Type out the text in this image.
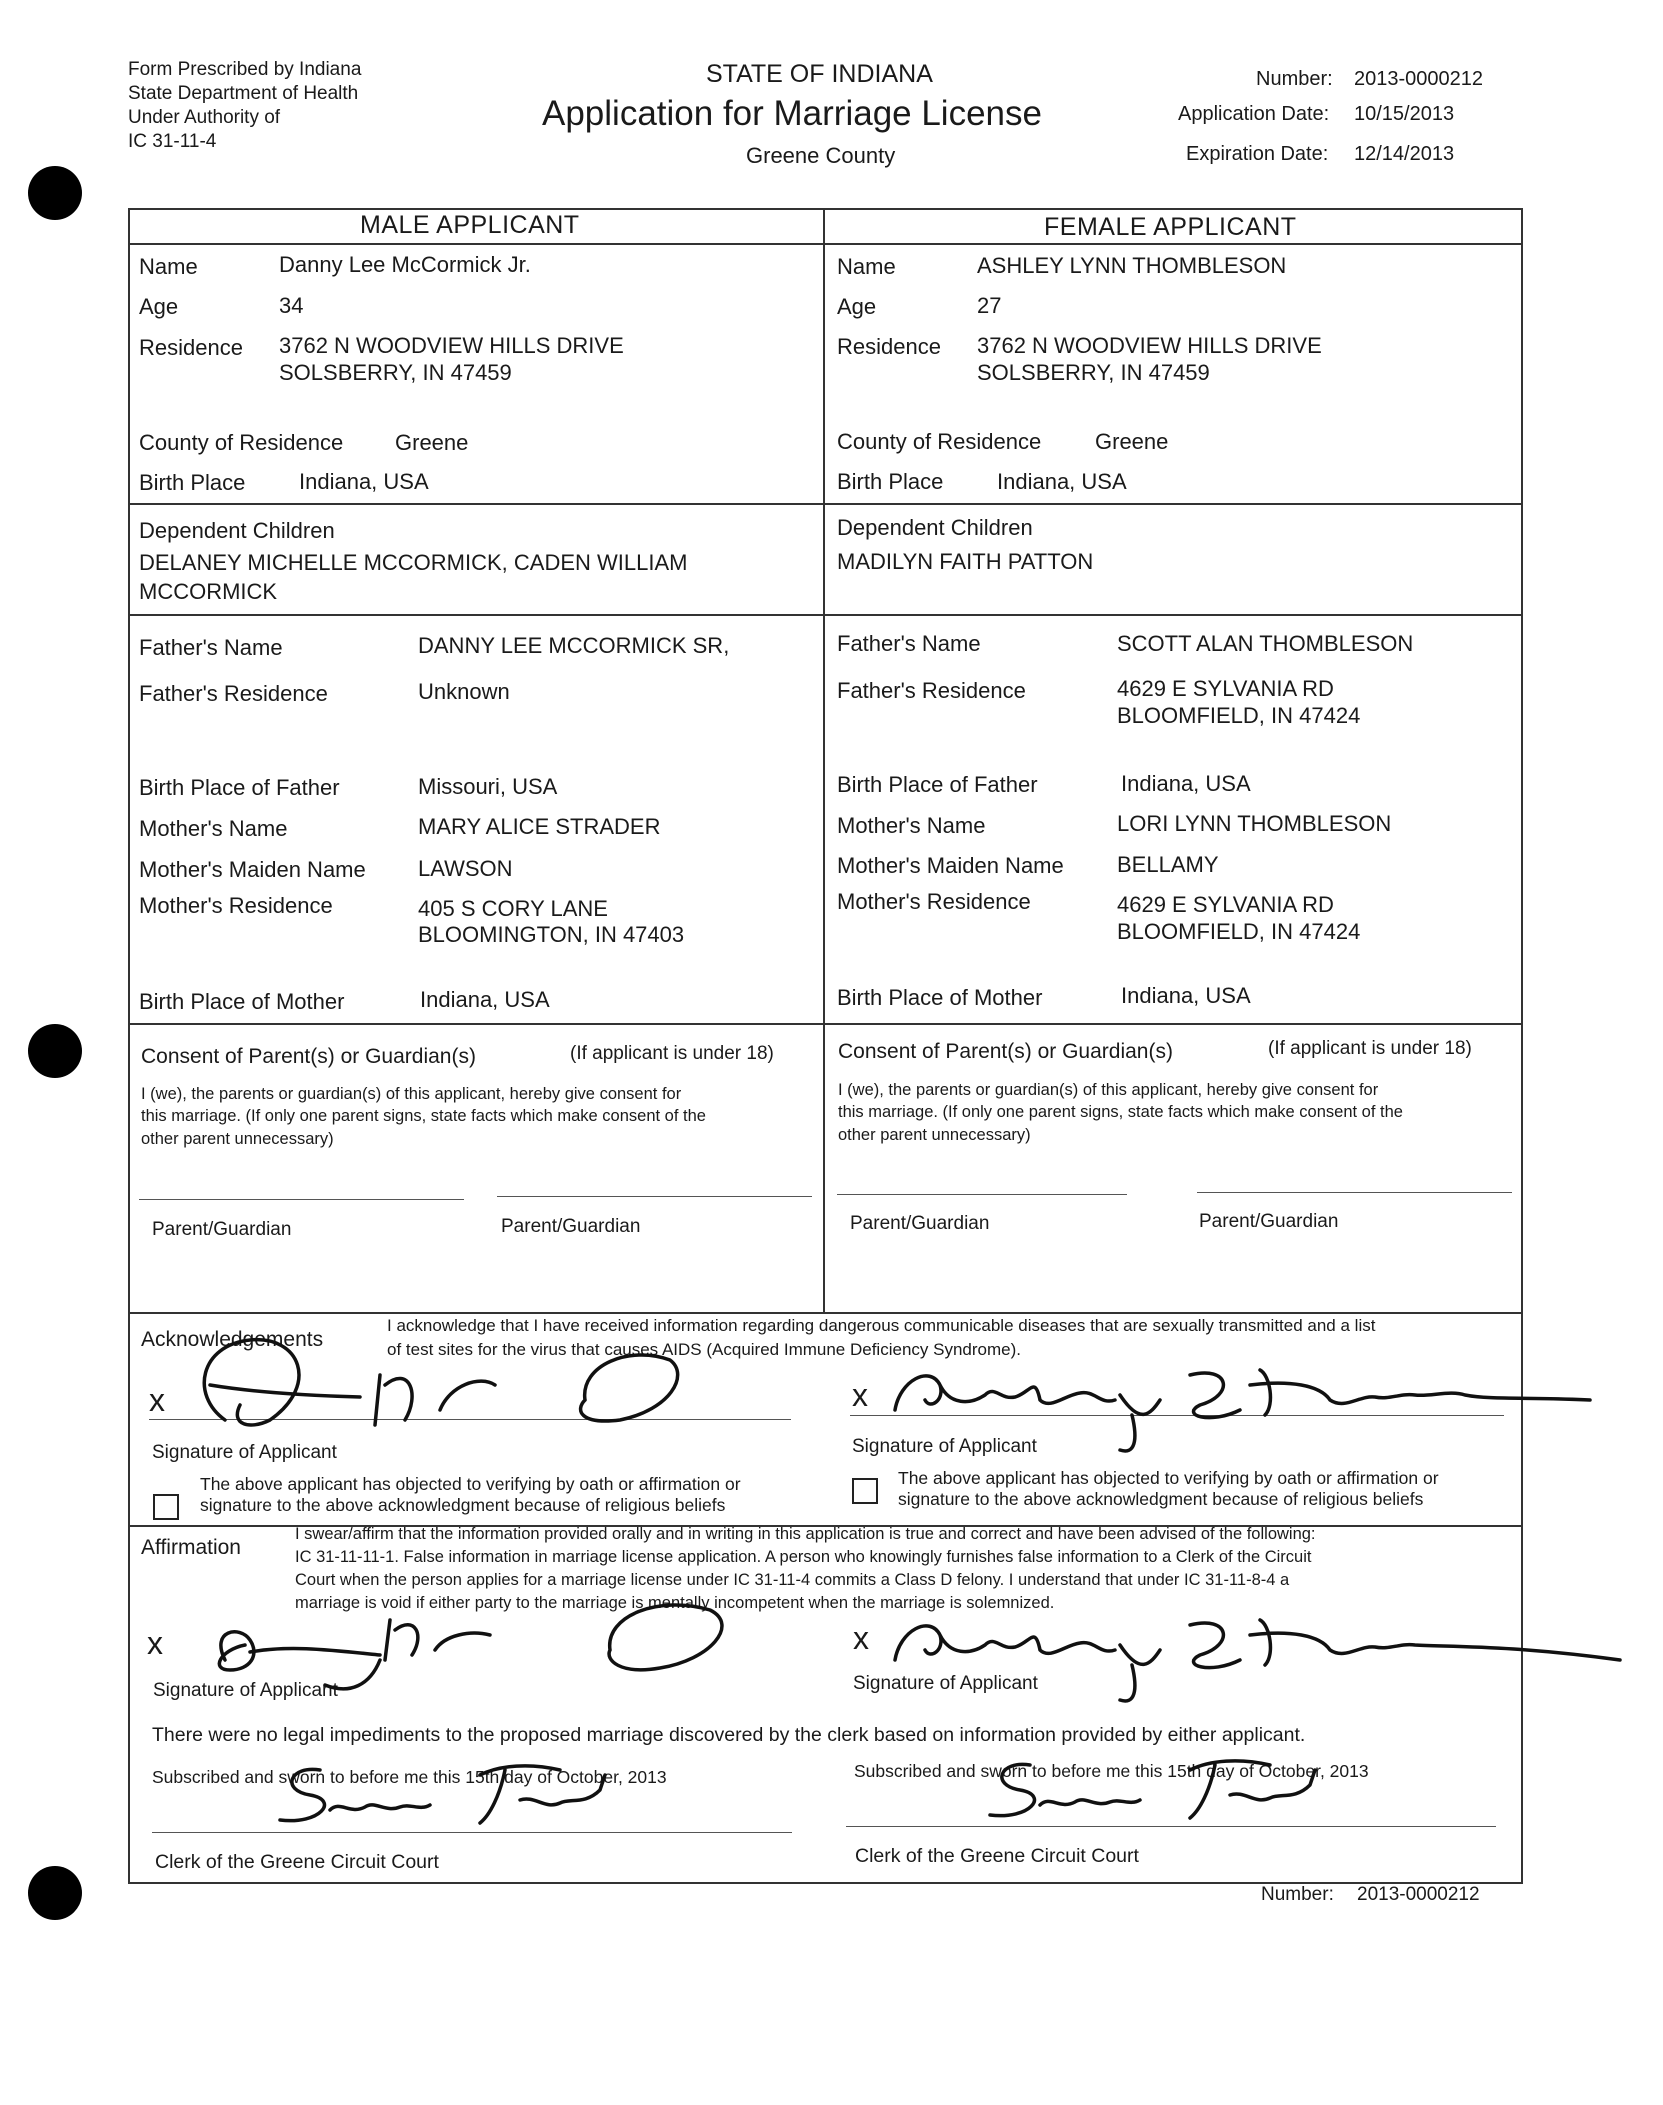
Form Prescribed by Indiana
State Department of Health
Under Authority of
IC 31-11-4
STATE OF INDIANA
Application for Marriage License
Greene County
Number: 2013-0000212
Application Date: 10/15/2013
Expiration Date: 12/14/2013
MALE APPLICANT
Name	Danny Lee McCormick Jr.
Age	34
Residence 3762 N WOODVIEW HILLS DRIVE
SOLSBERRY, IN 47459
County of Residence Greene
Birth Place Indiana, USA
Dependent Children
DELANEY MICHELLE MCCORMICK, CADEN WILLIAM
MCCORMICK
Father's Name	DANNY LEE MCCORMICK SR,
Father's Residence	Unknown
Birth Place of Father	Missouri, USA
Mother's Name	MARY ALICE STRADER
Mother's Maiden Name LAWSON
Mother's Residence	405 S CORY LANE
BLOOMINGTON, IN 47403
Birth Place of Mother	Indiana, USA
Consent of Parent(s) or Guardian(s)	(If applicant is under 18)
I (we), the parents or guardian(s) of this applicant, hereby give consent for
this marriage. (If only one parent signs, state facts which make consent of the
other parent unnecessary)
Parent/Guardian	Parent/Guardian
FEMALE APPLICANT
Name	ASHLEY LYNN THOMBLESON
Age	27
Residence 3762 N WOODVIEW HILLS DRIVE
SOLSBERRY, IN 47459
County of Residence Greene
Birth Place Indiana, USA
Dependent Children
MADILYN FAITH PATTON
Father's Name	SCOTT ALAN THOMBLESON
Father's Residence	4629 E SYLVANIA RD
BLOOMFIELD, IN 47424
Birth Place of Father	Indiana, USA
Mother's Name	LORI LYNN THOMBLESON
Mother's Maiden Name BELLAMY
Mother's Residence	4629 E SYLVANIA RD
BLOOMFIELD, IN 47424
Birth Place of Mother	Indiana, USA
Consent of Parent(s) or Guardian(s)	(If applicant is under 18)
I (we), the parents or guardian(s) of this applicant, hereby give consent for
this marriage. (If only one parent signs, state facts which make consent of the
other parent unnecessary)
Parent/Guardian	Parent/Guardian
Acknowledgements
I acknowledge that I have received information regarding dangerous communicable diseases that are sexually transmitted and a list
of test sites for the virus that causes AIDS (Acquired Immune Deficiency Syndrome).
x
Signature of Applicant
The above applicant has objected to verifying by oath or affirmation or
signature to the above acknowledgment because of religious beliefs
x
Signature of Applicant
The above applicant has objected to verifying by oath or affirmation or
signature to the above acknowledgment because of religious beliefs
Affirmation
I swear/affirm that the information provided orally and in writing in this application is true and correct and have been advised of the following:
IC 31-11-11-1. False information in marriage license application. A person who knowingly furnishes false information to a Clerk of the Circuit
Court when the person applies for a marriage license under IC 31-11-4 commits a Class D felony. I understand that under IC 31-11-8-4 a
marriage is void if either party to the marriage is mentally incompetent when the marriage is solemnized.
x
Signature of Applicant
x
Signature of Applicant
There were no legal impediments to the proposed marriage discovered by the clerk based on information provided by either applicant.
Subscribed and sworn to before me this 15th day of October, 2013
Clerk of the Greene Circuit Court
Subscribed and sworn to before me this 15th day of October, 2013
Clerk of the Greene Circuit Court
Number: 2013-0000212
